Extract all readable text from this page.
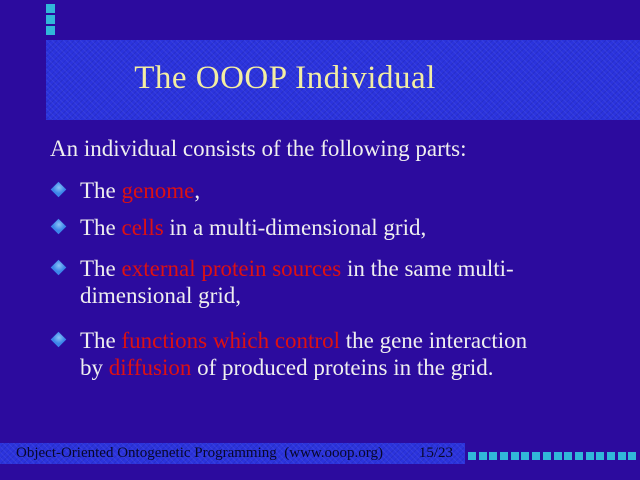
The OOOP Individual
An individual consists of the following parts:
The genome,
The cells in a multi-dimensional grid,
The external protein sources in the same multi-
dimensional grid,
The functions which control the gene interaction
by diffusion of produced proteins in the grid.
Object-Oriented Ontogenetic Programming  (www.ooop.org) 15/23
